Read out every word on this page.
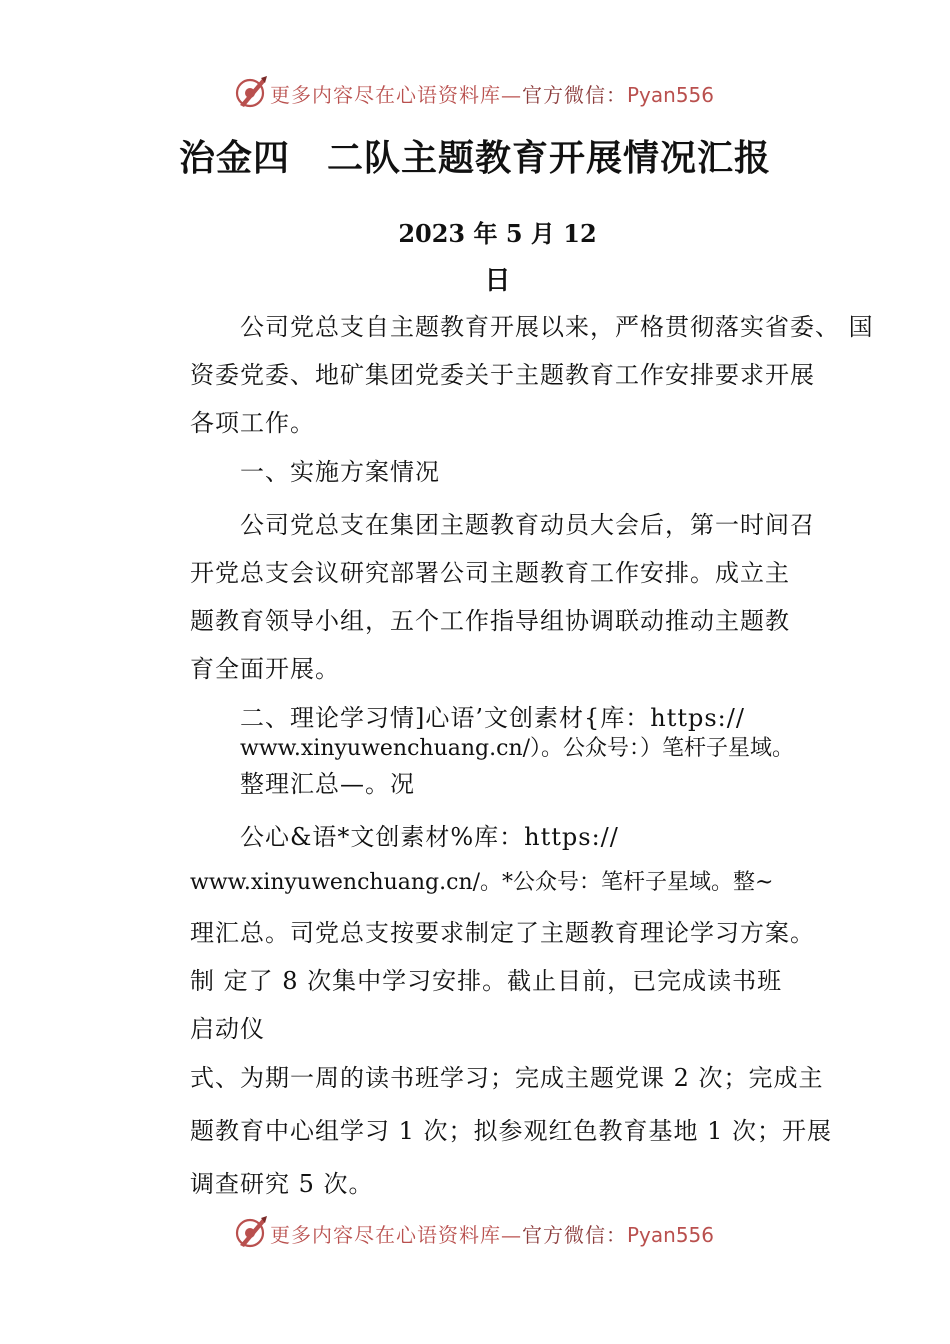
更多内容尽在心语资料库—官方微信：Pyan556
治金四　二队主题教育开展情况汇报
2023 年 5 月 12
日
公司党总支自主题教育开展以来，严格贯彻落实省委、 国
资委党委、地矿集团党委关于主题教育工作安排要求开展
各项工作。
一、实施方案情况
公司党总支在集团主题教育动员大会后，第一时间召
开党总支会议研究部署公司主题教育工作安排。成立主
题教育领导小组，五个工作指导组协调联动推动主题教
育全面开展。
二、理论学习情]心语’文创素材{库：https://
www.xinyuwenchuang.cn/）。公众号：）笔杆子星域。
整理汇总—。况
公心&语*文创素材%库：https://
www.xinyuwenchuang.cn/。*公众号：笔杆子星域。整~
理汇总。司党总支按要求制定了主题教育理论学习方案。
制 定了 8 次集中学习安排。截止目前，已完成读书班
启动仪
式、为期一周的读书班学习；完成主题党课 2 次；完成主
题教育中心组学习 1 次；拟参观红色教育基地 1 次；开展
调查研究 5 次。
更多内容尽在心语资料库—官方微信：Pyan556
